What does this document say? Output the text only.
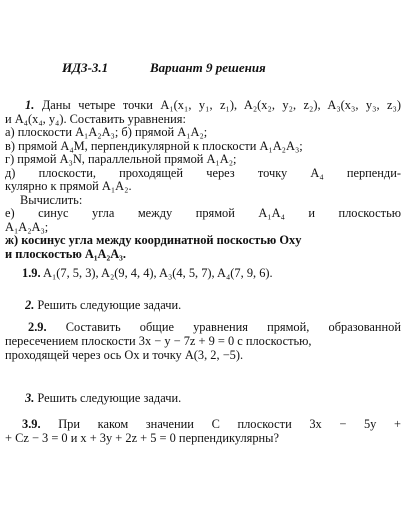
ИДЗ-3.1	Вариант 9 решения
1. Даны четыре точки A₁(x₁, y₁, z₁), A₂(x₂, y₂, z₂), A₃(x₃, y₃, z₃)
и A₄(x₄, y₄). Составить уравнения:
а) плоскости A₁A₂A₃; б) прямой A₁A₂;
в) прямой A₄M, перпендикулярной к плоскости A₁A₂A₃;
г) прямой A₃N, параллельной прямой A₁A₂;
д) плоскости, проходящей через точку A₄ перпенди-
кулярно к прямой A₁A₂.
Вычислить:
е) синус угла между прямой A₁A₄ и плоскостью
A₁A₂A₃;
ж) косинус угла между координатной поскостью Oxy
и плоскостью A₁A₂A₃.
1.9. A₁(7, 5, 3), A₂(9, 4, 4), A₃(4, 5, 7), A₄(7, 9, 6).
2. Решить следующие задачи.
2.9. Составить общие уравнения прямой, образованной
пересечением плоскости 3x − y − 7z + 9 = 0 с плоскостью,
проходящей через ось Ox и точку A(3, 2, −5).
3. Решить следующие задачи.
3.9. При каком значении C плоскости 3x − 5y +
+ Cz − 3 = 0 и x + 3y + 2z + 5 = 0 перпендикулярны?
